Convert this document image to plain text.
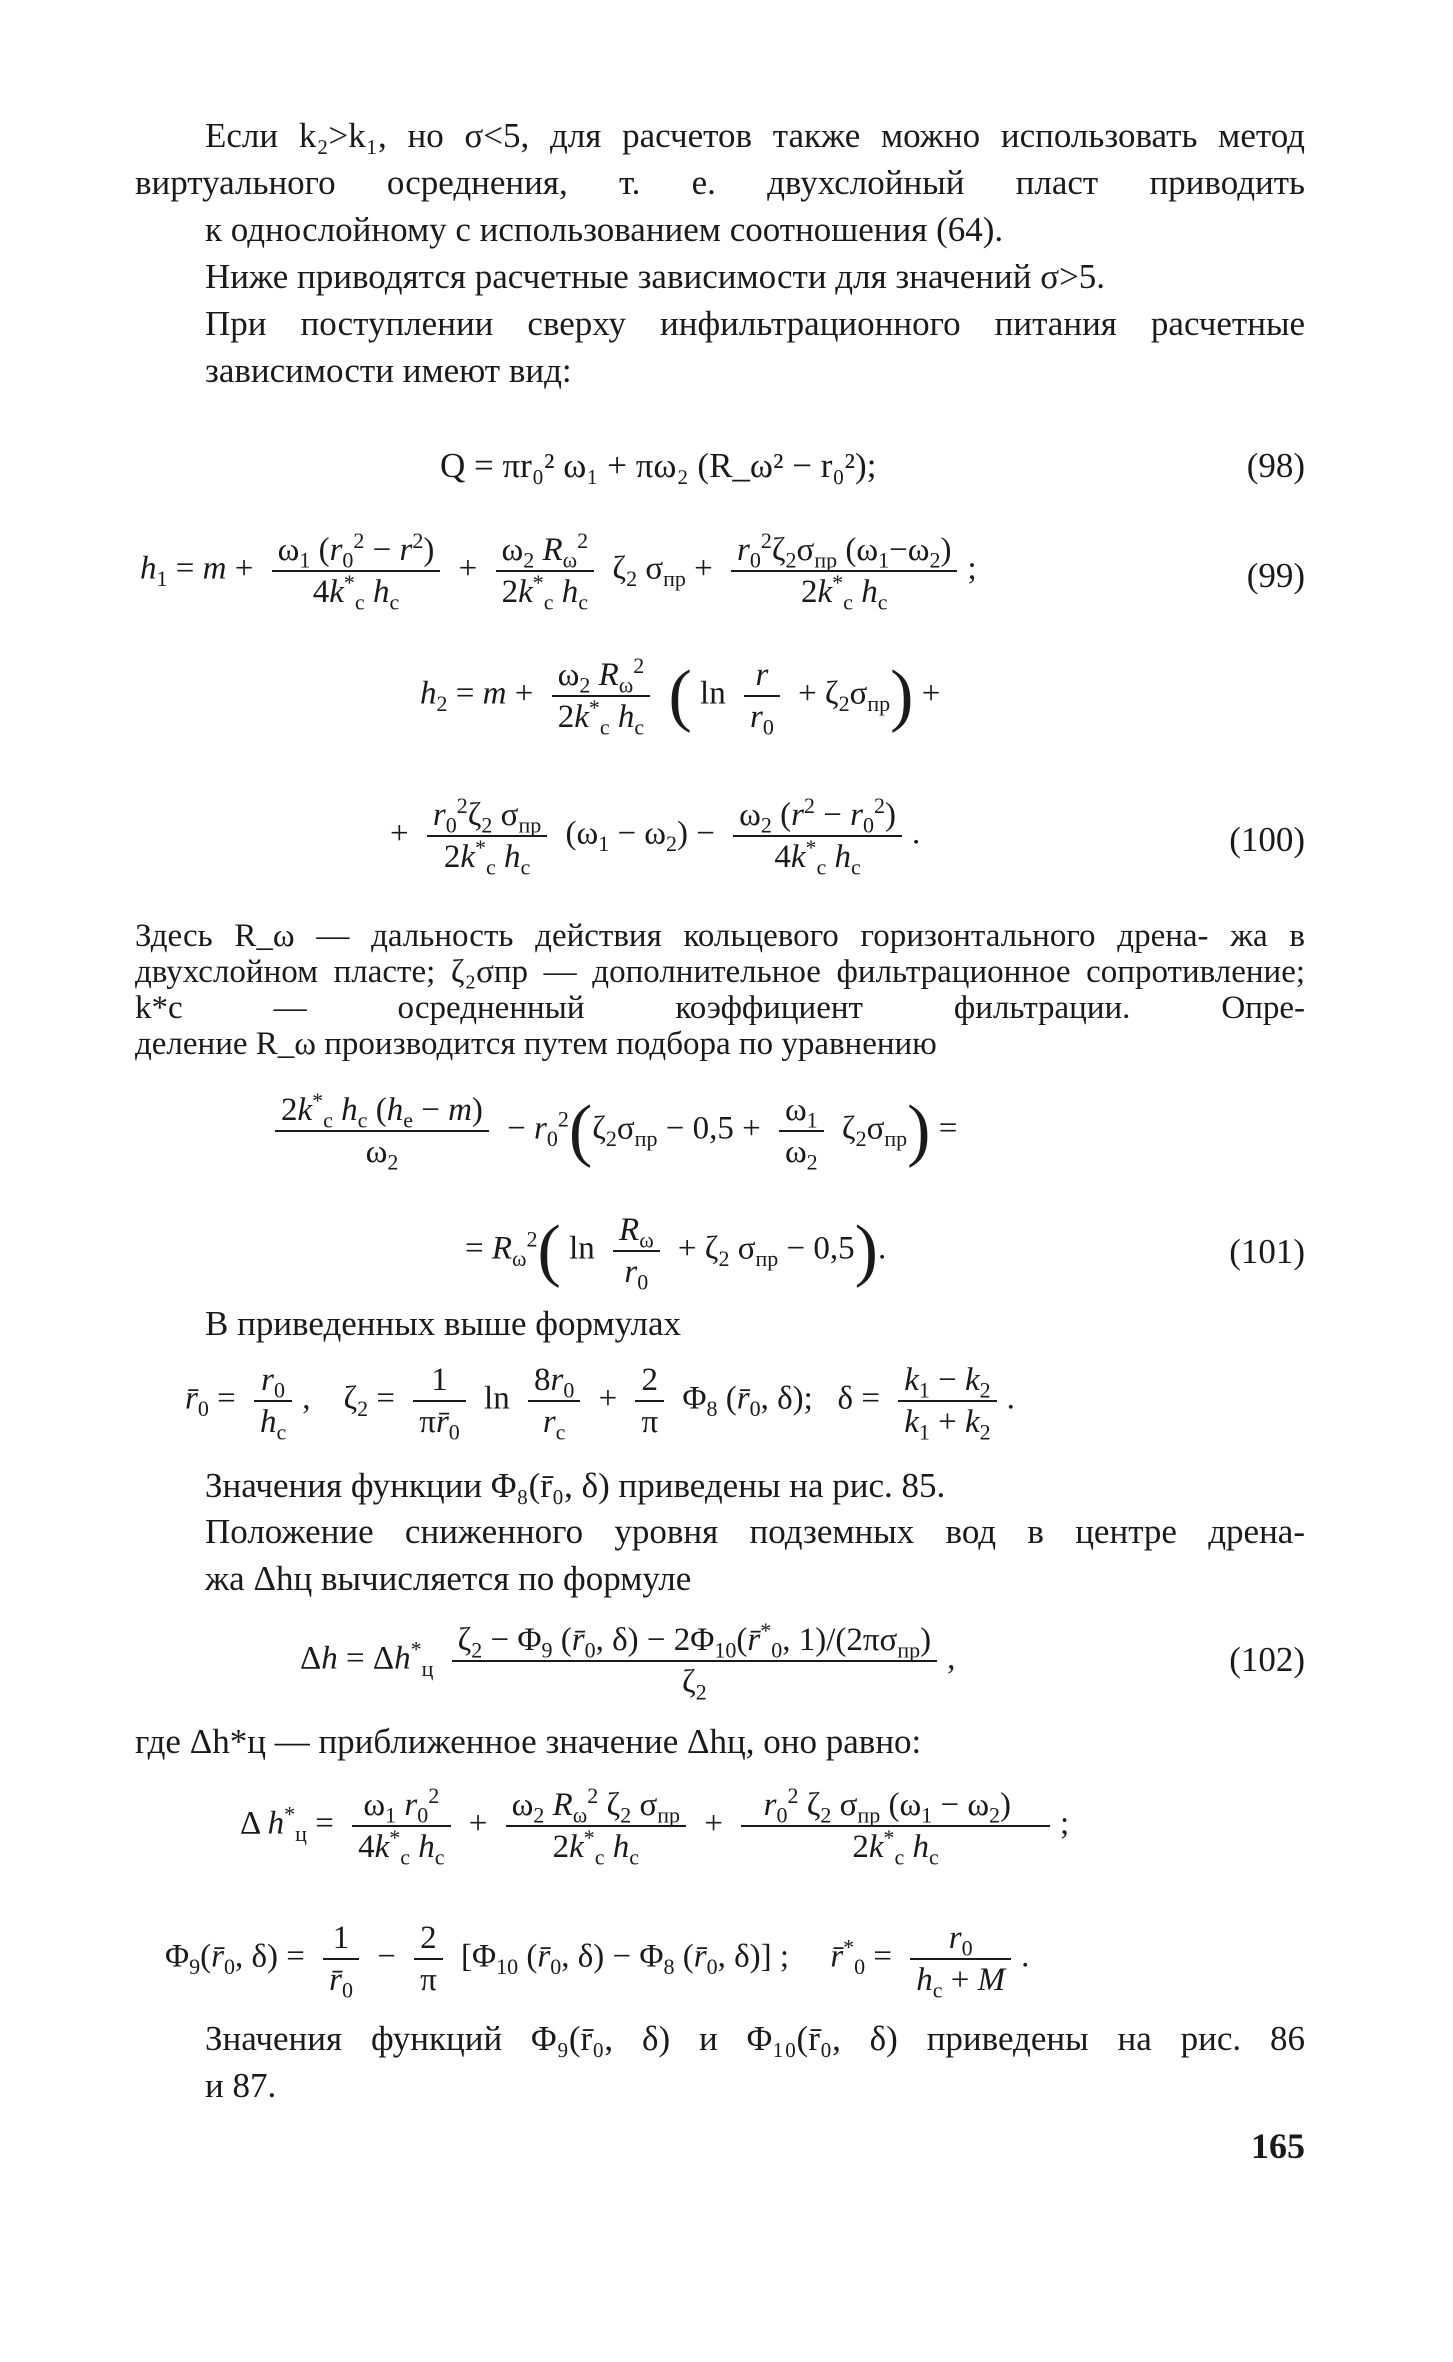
Если k₂>k₁, но σ<5, для расчетов также можно использовать метод виртуального осреднения, т. е. двухслойный пласт приводить
к однослойному с использованием соотношения (64).
Ниже приводятся расчетные зависимости для значений σ>5.
При поступлении сверху инфильтрационного питания расчетные
зависимости имеют вид:
Q = πr₀² ω₁ + πω₂ (R_ω² − r₀²);	(98)
$h_1 = m + \frac{\omega_1 (r_0^2 - r^2)}{4k^*_c h_c} + \frac{\omega_2 R_\omega^2}{2k^*_c h_c} \zeta_2$ $\sigma_{пр} + \frac{r_0^2\zeta_2\sigma_{пр} (\omega_1-\omega_2)}{2k^*_c h_c}$ ;	(99)
$h_2 = m + \frac{\omega_2 R_\omega^2}{2k^*_c h_c}$ ( $\ln \frac{r}{r_0} + \zeta_2\sigma_{пр}$) +
+ $\frac{r_0^2\zeta_2 \sigma_{пр}}{2k^*_c h_c} (\omega_1 - \omega_2) - \frac{\omega_2 (r^2 - r_0^2)}{4k^*_c h_c}$ .	(100)
Здесь R_ω — дальность действия кольцевого горизонтального дрена- жа в двухслойном пласте; ζ₂σпр — дополнительное фильтрационное сопротивление; k*с — осредненный коэффициент фильтрации. Опре-
деление R_ω производится путем подбора по уравнению
$\frac{2k^*_c h_c (h_e - m)}{\omega_2} - r_0^2(\zeta_2\sigma_{пр} - 0,5 + \frac{\omega_1}{\omega_2} \zeta_2\sigma_{пр})$ =
= $R_\omega^2$( $\ln \frac{R_\omega}{r_0} + \zeta_2$ $\sigma_{пр} - 0,5$).	(101)
В приведенных выше формулах
$r̄_0 = \frac{r_0}{h_c}$ ,    $\zeta_2 = \frac{1}{\pi r̄_0}$ $\ln \frac{8r_0}{r_c} + \frac{2}{\pi} \Phi_8$ ($r̄_0$, δ);   $\delta = \frac{k_1 - k_2}{k_1 + k_2}$ .
Значения функции Φ₈(r̄₀, δ) приведены на рис. 85.
Положение сниженного уровня подземных вод в центре дрена-
жа Δhц вычисляется по формуле
$\Delta h = \Delta h^*_ц \frac{\zeta_2 - \Phi_9 (r̄_0, \delta) - 2\Phi_{10}(r̄^*_0, 1)/(2\pi\sigma_{пр})}{\zeta_2}$ ,	(102)
где Δh*ц — приближенное значение Δhц, оно равно:
Δ $h^*_ц = \frac{\omega_1 r_0^2}{4k^*_c h_c} + \frac{\omega_2 R_\omega^2 \zeta_2 \sigma_{пр}}{2k^*_c h_c} + \frac{r_0^2 \zeta_2 \sigma_{пр} (\omega_1 - \omega_2)}{2k^*_c h_c}$ ;
$\Phi_9(r̄_0$, $\delta) = \frac{1}{r̄_0} - \frac{2}{\pi} [\Phi_{10}$ ($r̄_0$, $\delta) - \Phi_8$ ($r̄_0$, δ)] ;     $r̄^*_0 = \frac{r_0}{h_c + M}$ .
Значения функций Φ₉(r̄₀, δ) и Φ₁₀(r̄₀, δ) приведены на рис. 86
и 87.
165
